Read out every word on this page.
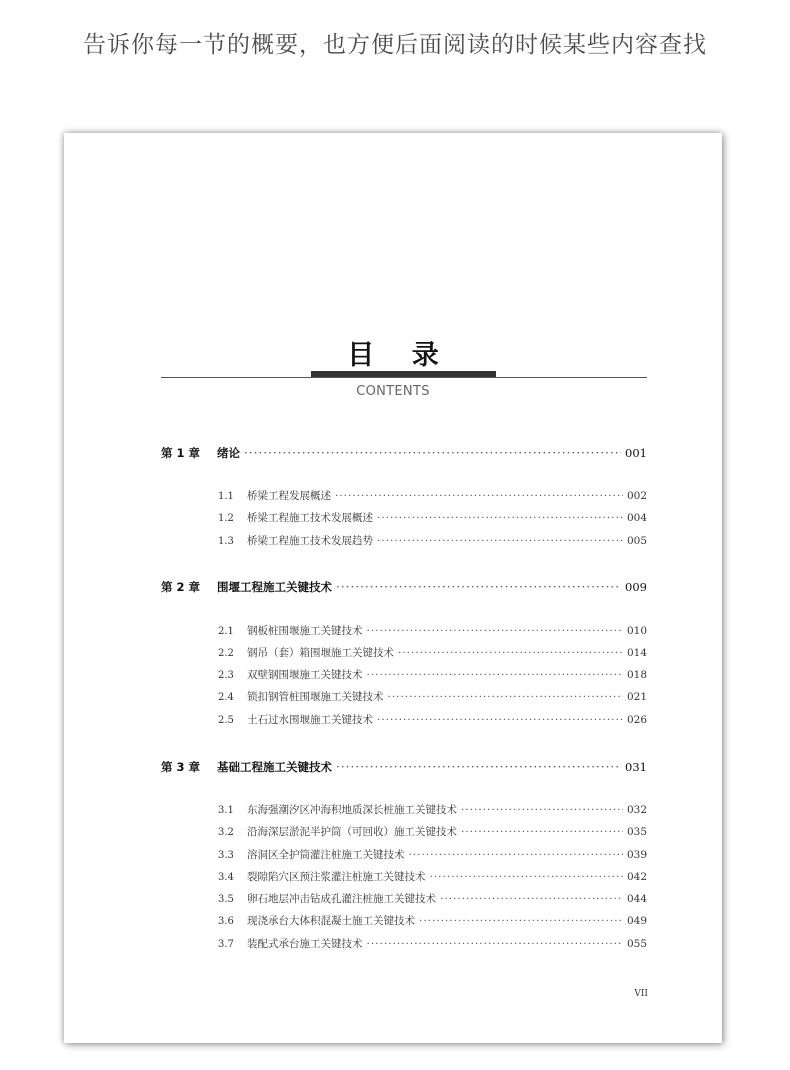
告诉你每一节的概要，也方便后面阅读的时候某些内容查找
目 录
CONTENTS
第 1 章	绪论 ·····	001
1.1	桥梁工程发展概述 ·····	002
1.2	桥梁工程施工技术发展概述 ·····	004
1.3	桥梁工程施工技术发展趋势 ·····	005
第 2 章	围堰工程施工关键技术 ·····	009
2.1	钢板桩围堰施工关键技术 ·····	010
2.2	钢吊（套）箱围堰施工关键技术 ·····	014
2.3	双壁钢围堰施工关键技术 ·····	018
2.4	锁扣钢管桩围堰施工关键技术 ·····	021
2.5	土石过水围堰施工关键技术 ·····	026
第 3 章	基础工程施工关键技术 ·····	031
3.1	东海强潮汐区冲海积地质深长桩施工关键技术 ·····	032
3.2	沿海深层淤泥半护筒（可回收）施工关键技术 ·····	035
3.3	溶洞区全护筒灌注桩施工关键技术 ·····	039
3.4	裂隙陷穴区预注浆灌注桩施工关键技术 ·····	042
3.5	卵石地层冲击钻成孔灌注桩施工关键技术 ·····	044
3.6	现浇承台大体积混凝土施工关键技术 ·····	049
3.7	装配式承台施工关键技术 ·····	055
VII
